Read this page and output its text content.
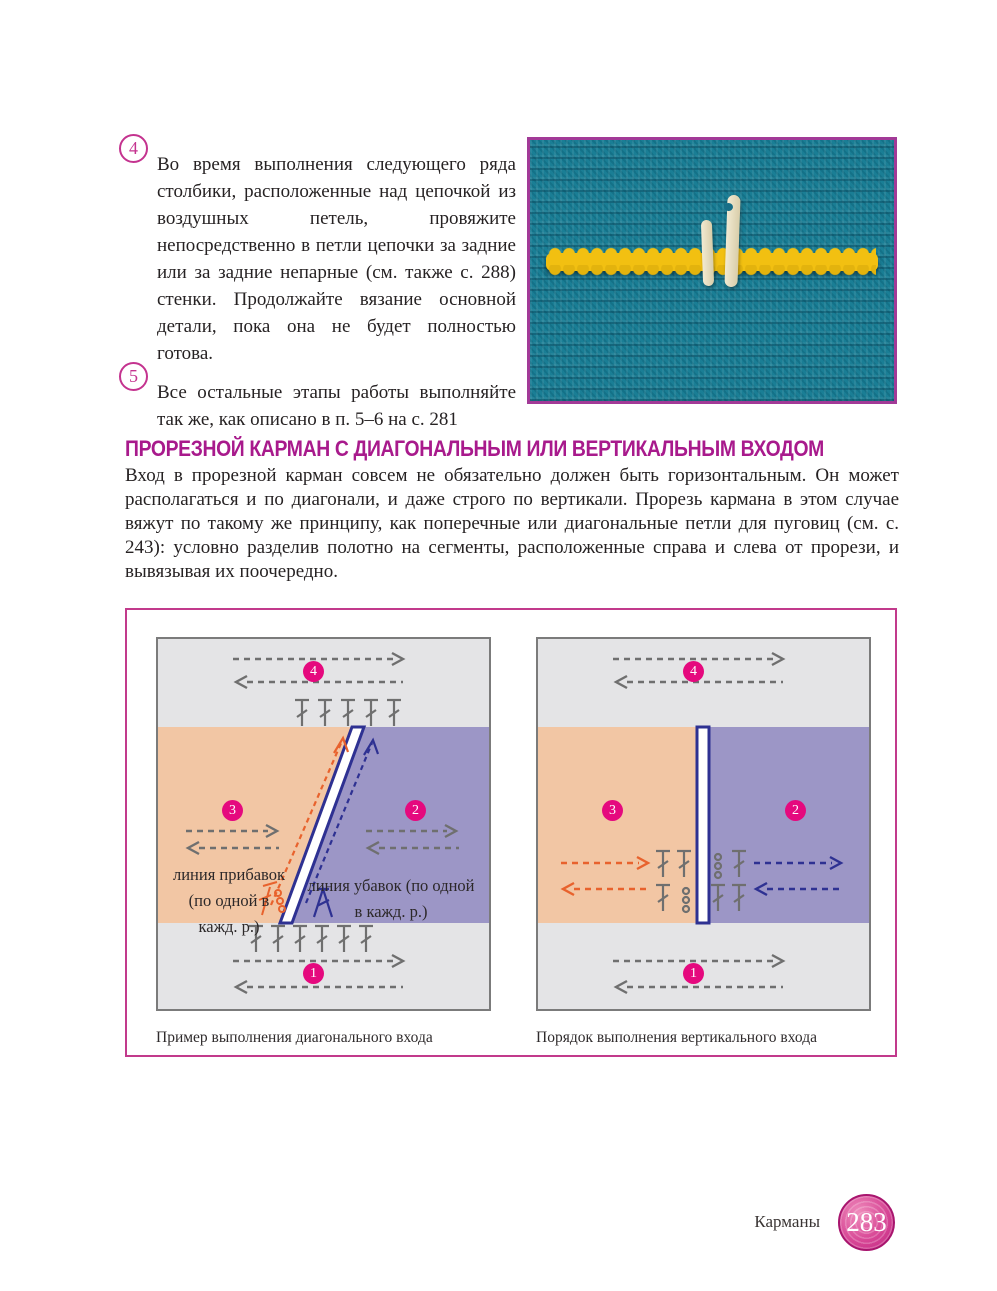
4

Во время выполнения следующего ряда столбики, расположенные над цепочкой из воздушных петель, провяжите непосредственно в петли цепочки за задние или за задние непарные (см. также с. 288) стенки. Продолжайте вязание основной детали, пока она не будет полностью готова.

5

Все остальные этапы работы выполняйте так же, как описано в п. 5–6 на с. 281

ПРОРЕЗНОЙ КАРМАН С ДИАГОНАЛЬНЫМ ИЛИ ВЕРТИКАЛЬНЫМ ВХОДОМ

Вход в прорезной карман совсем не обязательно должен быть горизонтальным. Он может располагаться и по диагонали, и даже строго по вертикали. Прорезь кармана в этом случае вяжут по такому же принципу, как поперечные или диагональные петли для пуговиц (см. с. 243): условно разделив полотно на сегменты, расположенные справа и слева от прорези, и вывязывая их поочередно.

4
3	2
1
линия прибавок (по одной в кажд. р.)
линия убавок (по одной в кажд. р.)

Пример выполнения диагонального входа

4
3	2
1

Порядок выполнения вертикального входа

Карманы 283
